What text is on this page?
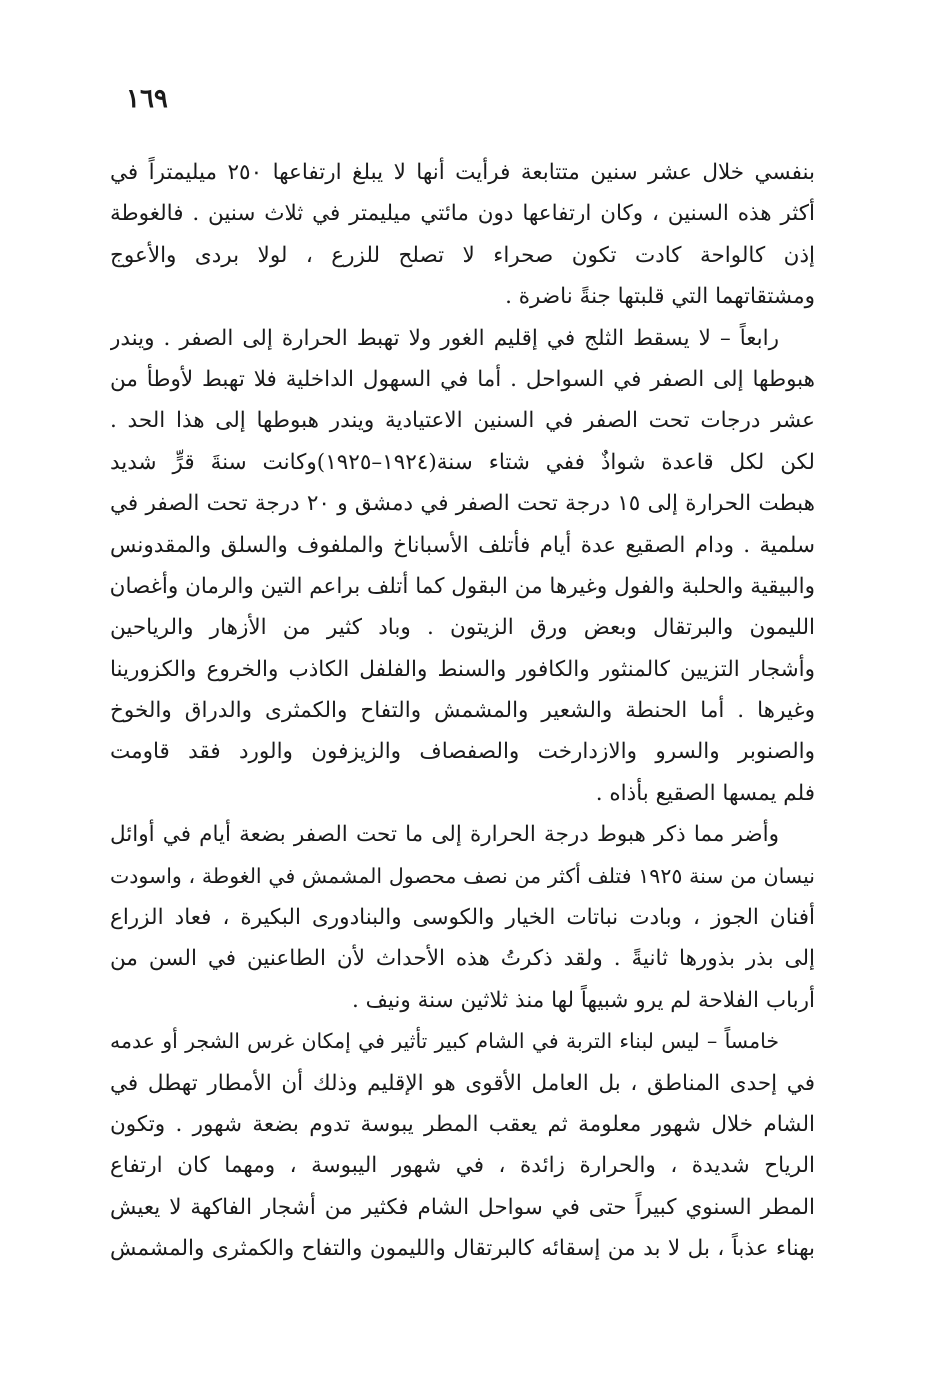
١٦٩
بنفسي خلال عشر سنين متتابعة فرأيت أنها لا يبلغ ارتفاعها ٢٥٠ ميليمتراً في
أكثر هذه السنين ، وكان ارتفاعها دون مائتي ميليمتر في ثلاث سنين . فالغوطة
إذن كالواحة كادت تكون صحراء لا تصلح للزرع ، لولا بردى والأعوج
ومشتقاتهما التي قلبتها جنةً ناضرة .
رابعاً – لا يسقط الثلج في إقليم الغور ولا تهبط الحرارة إلى الصفر . ويندر
هبوطها إلى الصفر في السواحل . أما في السهول الداخلية فلا تهبط لأوطأ من
عشر درجات تحت الصفر في السنين الاعتيادية ويندر هبوطها إلى هذا الحد .
لكن لكل قاعدة شواذٌ ففي شتاء سنة(١٩٢٤–١٩٢٥)وكانت سنةَ قرٍّ شديد
هبطت الحرارة إلى ١٥ درجة تحت الصفر في دمشق و ٢٠ درجة تحت الصفر في
سلمية . ودام الصقيع عدة أيام فأتلف الأسباناخ والملفوف والسلق والمقدونس
والبيقية والحلبة والفول وغيرها من البقول كما أتلف براعم التين والرمان وأغصان
الليمون والبرتقال وبعض ورق الزيتون . وباد كثير من الأزهار والرياحين
وأشجار التزيين كالمنثور والكافور والسنط والفلفل الكاذب والخروع والكزورينا
وغيرها . أما الحنطة والشعير والمشمش والتفاح والكمثرى والدراق والخوخ
والصنوبر والسرو والازدارخت والصفصاف والزيزفون والورد فقد قاومت
فلم يمسها الصقيع بأذاه .
وأضر مما ذكر هبوط درجة الحرارة إلى ما تحت الصفر بضعة أيام في أوائل
نيسان من سنة ١٩٢٥ فتلف أكثر من نصف محصول المشمش في الغوطة ، واسودت
أفنان الجوز ، وبادت نباتات الخيار والكوسى والبنادورى البكيرة ، فعاد الزراع
إلى بذر بذورها ثانيةً . ولقد ذكرتُ هذه الأحداث لأن الطاعنين في السن من
أرباب الفلاحة لم يرو شبيهاً لها منذ ثلاثين سنة ونيف .
خامساً – ليس لبناء التربة في الشام كبير تأثير في إمكان غرس الشجر أو عدمه
في إحدى المناطق ، بل العامل الأقوى هو الإقليم وذلك أن الأمطار تهطل في
الشام خلال شهور معلومة ثم يعقب المطر يبوسة تدوم بضعة شهور . وتكون
الرياح شديدة ، والحرارة زائدة ، في شهور اليبوسة ، ومهما كان ارتفاع
المطر السنوي كبيراً حتى في سواحل الشام فكثير من أشجار الفاكهة لا يعيش
بهناء عذباً ، بل لا بد من إسقائه كالبرتقال والليمون والتفاح والكمثرى والمشمش
